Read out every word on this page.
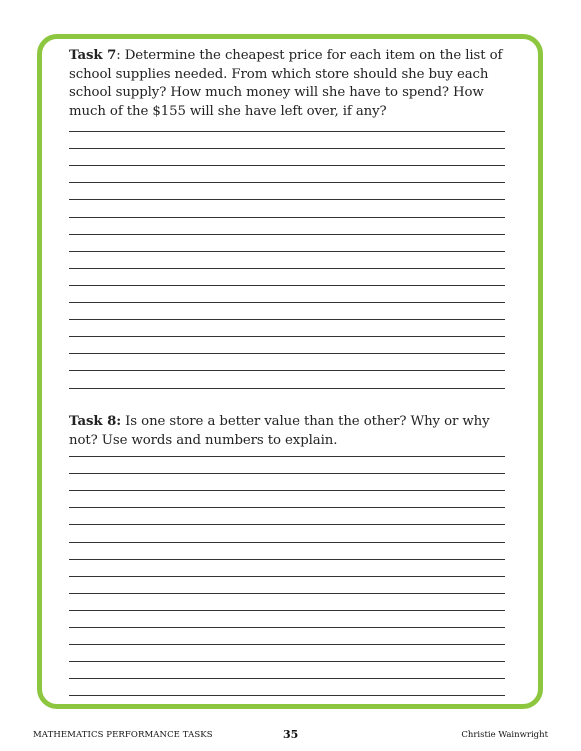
Task 7: Determine the cheapest price for each item on the list of school supplies needed. From which store should she buy each school supply? How much money will she have to spend? How much of the $155 will she have left over, if any?
Task 8: Is one store a better value than the other? Why or why not? Use words and numbers to explain.
MATHEMATICS PERFORMANCE TASKS	35	Christie Wainwright
